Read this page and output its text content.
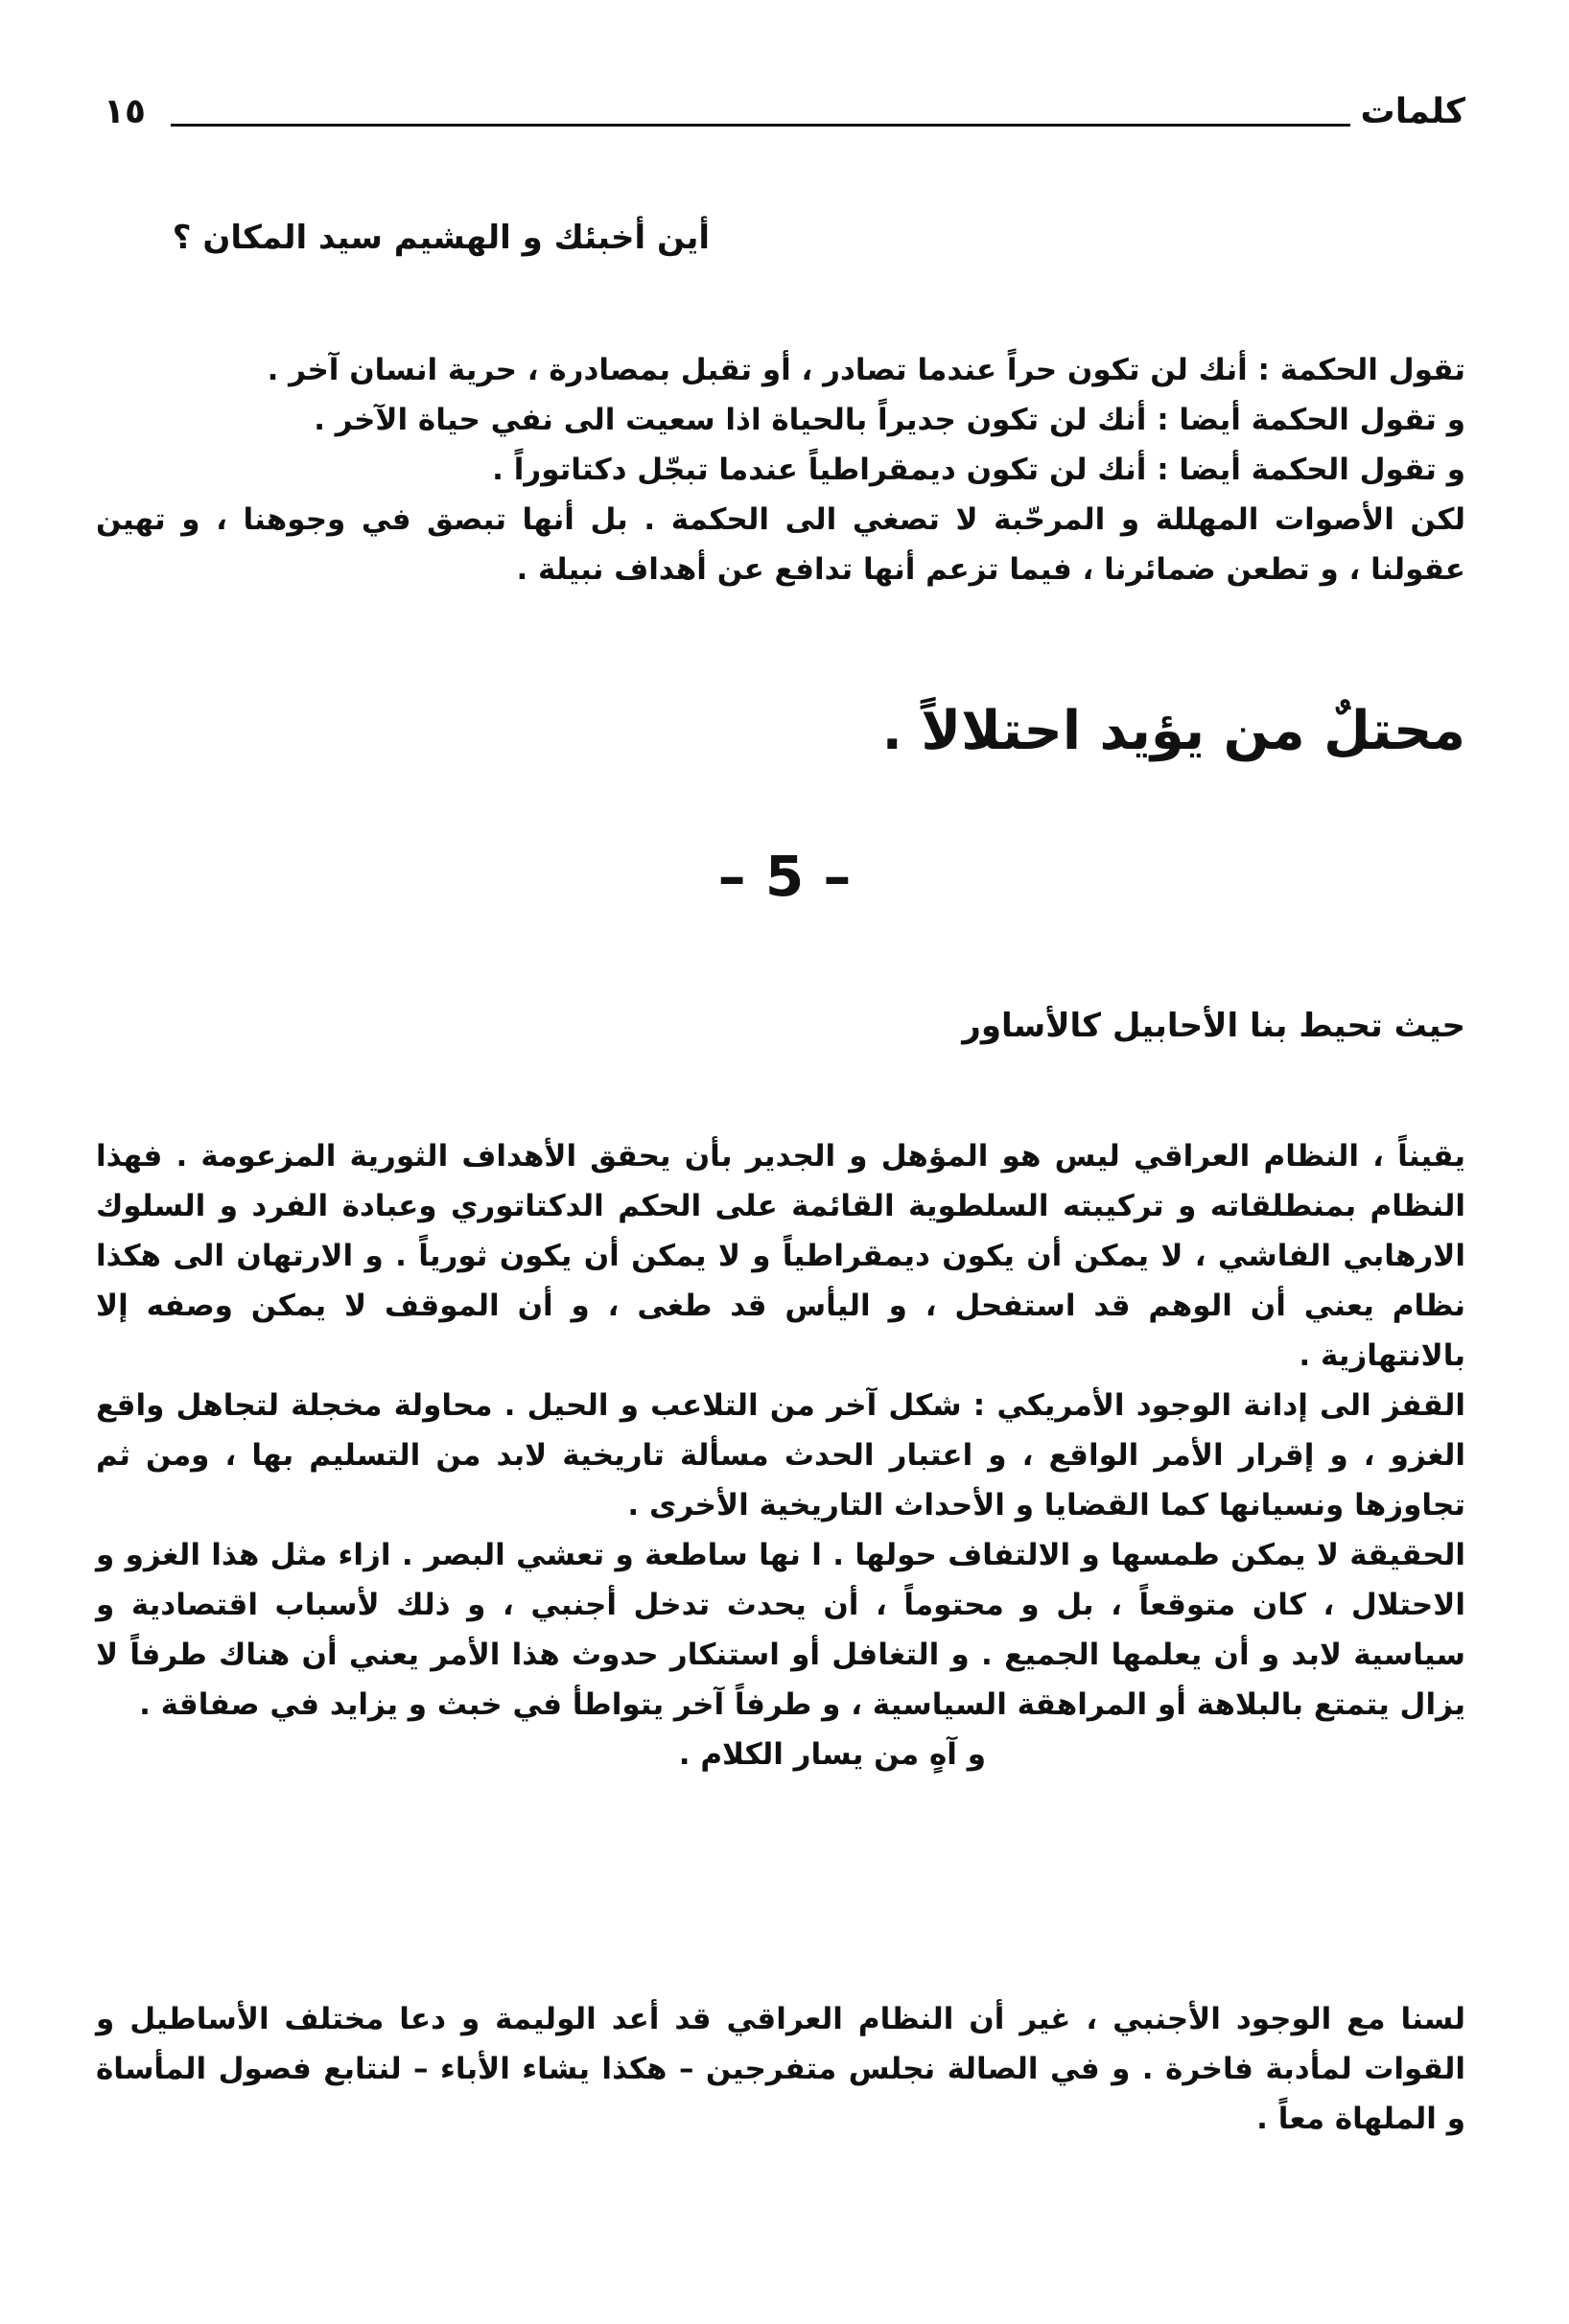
١٥	كلمات
أين أخبئك و الهشيم سيد المكان ؟

تقول الحكمة : أنك لن تكون حراً عندما تصادر ، أو تقبل بمصادرة ، حرية انسان آخر .

و تقول الحكمة أيضا : أنك لن تكون جديراً بالحياة اذا سعيت الى نفي حياة الآخر .

و تقول الحكمة أيضا : أنك لن تكون ديمقراطياً عندما تبجّل دكتاتوراً .

لكن الأصوات المهللة و المرحّبة لا تصغي الى الحكمة . بل أنها تبصق في وجوهنا ، و تهين عقولنا ، و تطعن ضمائرنا ، فيما تزعم أنها تدافع عن أهداف نبيلة .

محتلٌ من يؤيد احتلالاً .
– 5 –
حيث تحيط بنا الأحابيل كالأساور

يقيناً ، النظام العراقي ليس هو المؤهل و الجدير بأن يحقق الأهداف الثورية المزعومة . فهذا النظام بمنطلقاته و تركيبته السلطوية القائمة على الحكم الدكتاتوري وعبادة الفرد و السلوك الارهابي الفاشي ، لا يمكن أن يكون ديمقراطياً و لا يمكن أن يكون ثورياً . و الارتهان الى هكذا نظام يعني أن الوهم قد استفحل ، و اليأس قد طغى ، و أن الموقف لا يمكن وصفه إلا بالانتهازية .

القفز الى إدانة الوجود الأمريكي : شكل آخر من التلاعب و الحيل . محاولة مخجلة لتجاهل واقع الغزو ، و إقرار الأمر الواقع ، و اعتبار الحدث مسألة تاريخية لابد من التسليم بها ، ومن ثم تجاوزها ونسيانها كما القضايا و الأحداث التاريخية الأخرى .

الحقيقة لا يمكن طمسها و الالتفاف حولها . ا نها ساطعة و تعشي البصر . ازاء مثل هذا الغزو و الاحتلال ، كان متوقعاً ، بل و محتوماً ، أن يحدث تدخل أجنبي ، و ذلك لأسباب اقتصادية و سياسية لابد و أن يعلمها الجميع . و التغافل أو استنكار حدوث هذا الأمر يعني أن هناك طرفاً لا يزال يتمتع بالبلاهة أو المراهقة السياسية ، و طرفاً آخر يتواطأ في خبث و يزايد في صفاقة .

و آهٍ من يسار الكلام .

لسنا مع الوجود الأجنبي ، غير أن النظام العراقي قد أعد الوليمة و دعا مختلف الأساطيل و القوات لمأدبة فاخرة . و في الصالة نجلس متفرجين – هكذا يشاء الأباء – لنتابع فصول المأساة و الملهاة معاً .
